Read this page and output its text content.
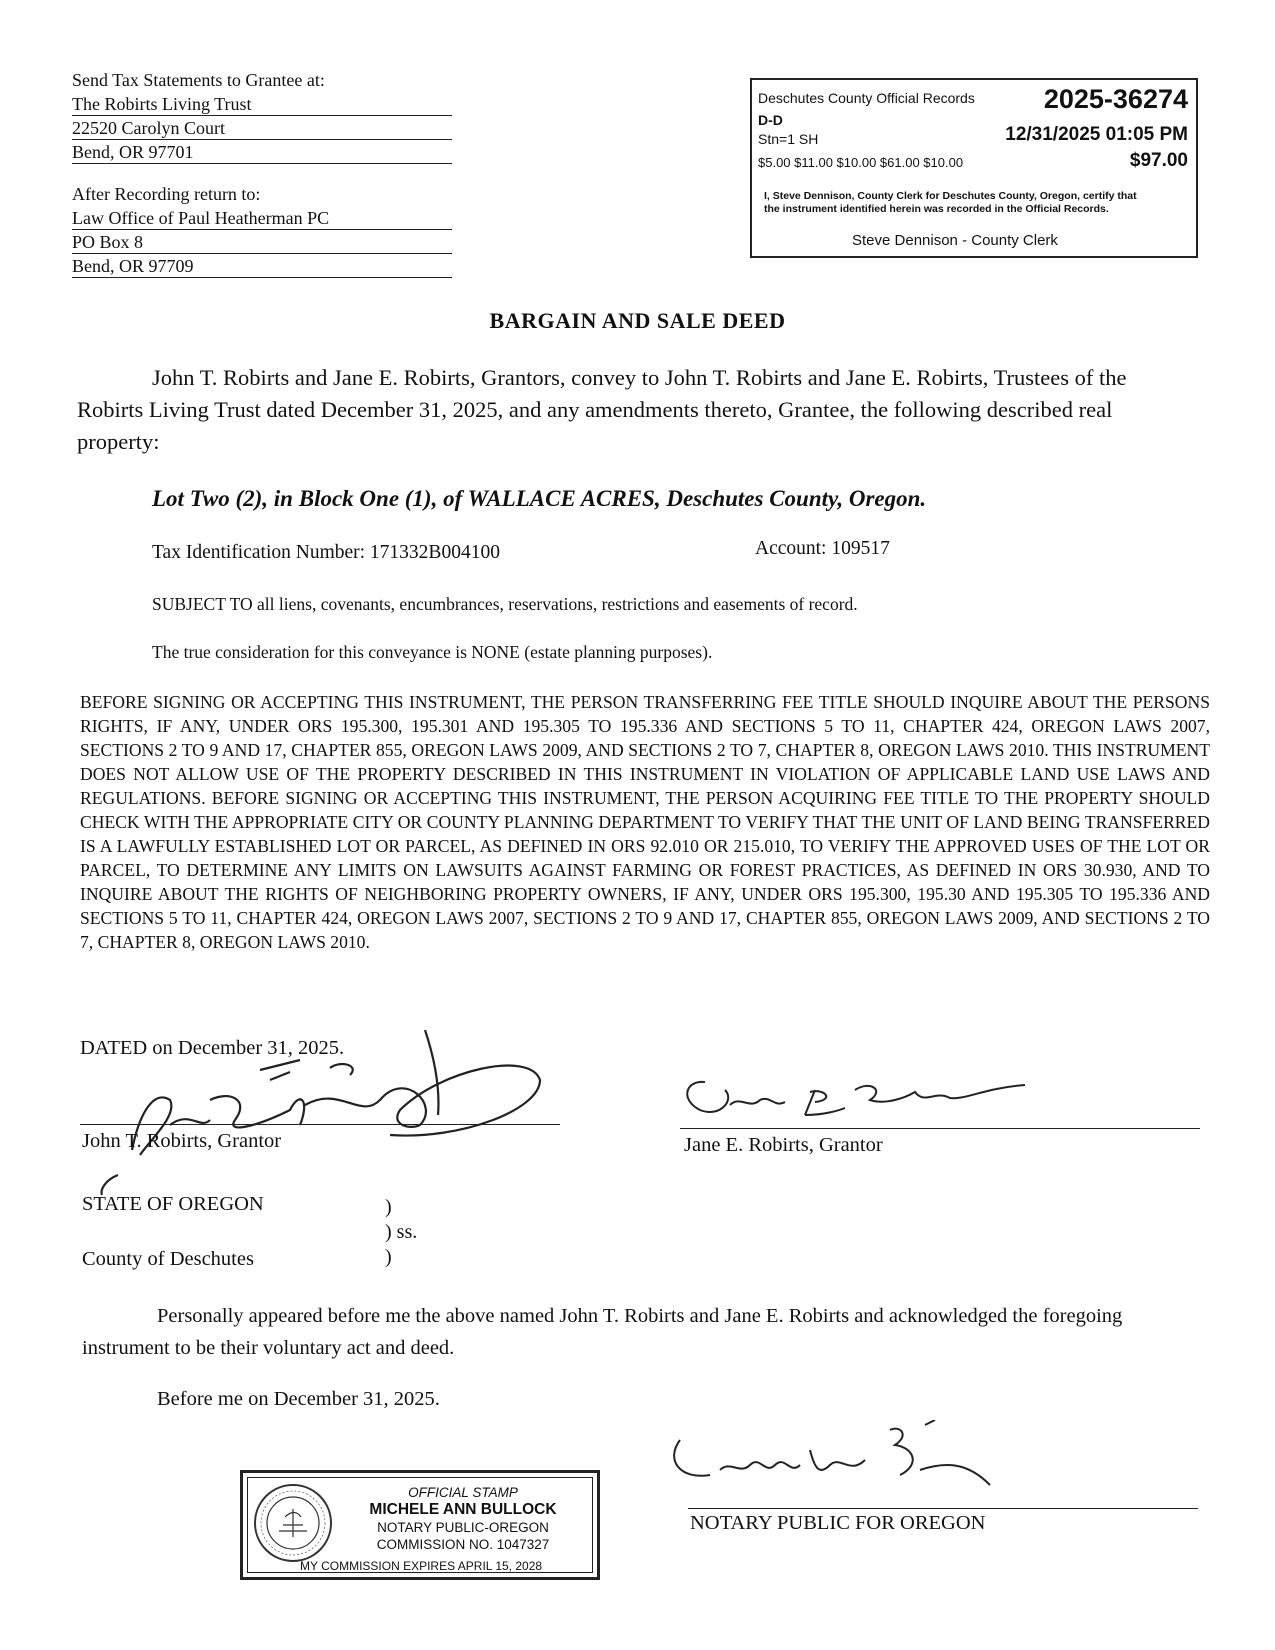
Send Tax Statements to Grantee at:
The Robirts Living Trust
22520 Carolyn Court
Bend, OR 97701
After Recording return to:
Law Office of Paul Heatherman PC
PO Box 8
Bend, OR 97709
Deschutes County Official Records	2025-36274
D-D
Stn=1 SH	12/31/2025 01:05 PM
$5.00 $11.00 $10.00 $61.00 $10.00	$97.00
I, Steve Dennison, County Clerk for Deschutes County, Oregon, certify that the instrument identified herein was recorded in the Official Records.
Steve Dennison - County Clerk
BARGAIN AND SALE DEED
John T. Robirts and Jane E. Robirts, Grantors, convey to John T. Robirts and Jane E. Robirts, Trustees of the Robirts Living Trust dated December 31, 2025, and any amendments thereto, Grantee, the following described real property:
Lot Two (2), in Block One (1), of WALLACE ACRES, Deschutes County, Oregon.
Tax Identification Number: 171332B004100	Account: 109517
SUBJECT TO all liens, covenants, encumbrances, reservations, restrictions and easements of record.
The true consideration for this conveyance is NONE (estate planning purposes).
BEFORE SIGNING OR ACCEPTING THIS INSTRUMENT, THE PERSON TRANSFERRING FEE TITLE SHOULD INQUIRE ABOUT THE PERSONS RIGHTS, IF ANY, UNDER ORS 195.300, 195.301 AND 195.305 TO 195.336 AND SECTIONS 5 TO 11, CHAPTER 424, OREGON LAWS 2007, SECTIONS 2 TO 9 AND 17, CHAPTER 855, OREGON LAWS 2009, AND SECTIONS 2 TO 7, CHAPTER 8, OREGON LAWS 2010. THIS INSTRUMENT DOES NOT ALLOW USE OF THE PROPERTY DESCRIBED IN THIS INSTRUMENT IN VIOLATION OF APPLICABLE LAND USE LAWS AND REGULATIONS. BEFORE SIGNING OR ACCEPTING THIS INSTRUMENT, THE PERSON ACQUIRING FEE TITLE TO THE PROPERTY SHOULD CHECK WITH THE APPROPRIATE CITY OR COUNTY PLANNING DEPARTMENT TO VERIFY THAT THE UNIT OF LAND BEING TRANSFERRED IS A LAWFULLY ESTABLISHED LOT OR PARCEL, AS DEFINED IN ORS 92.010 OR 215.010, TO VERIFY THE APPROVED USES OF THE LOT OR PARCEL, TO DETERMINE ANY LIMITS ON LAWSUITS AGAINST FARMING OR FOREST PRACTICES, AS DEFINED IN ORS 30.930, AND TO INQUIRE ABOUT THE RIGHTS OF NEIGHBORING PROPERTY OWNERS, IF ANY, UNDER ORS 195.300, 195.30 AND 195.305 TO 195.336 AND SECTIONS 5 TO 11, CHAPTER 424, OREGON LAWS 2007, SECTIONS 2 TO 9 AND 17, CHAPTER 855, OREGON LAWS 2009, AND SECTIONS 2 TO 7, CHAPTER 8, OREGON LAWS 2010.
DATED on December 31, 2025.
John T. Robirts, Grantor	Jane E. Robirts, Grantor
STATE OF OREGON	)
) ss.
)
County of Deschutes
Personally appeared before me the above named John T. Robirts and Jane E. Robirts and acknowledged the foregoing instrument to be their voluntary act and deed.
Before me on December 31, 2025.
NOTARY PUBLIC FOR OREGON
OFFICIAL STAMP
MICHELE ANN BULLOCK
NOTARY PUBLIC-OREGON
COMMISSION NO. 1047327
MY COMMISSION EXPIRES APRIL 15, 2028
